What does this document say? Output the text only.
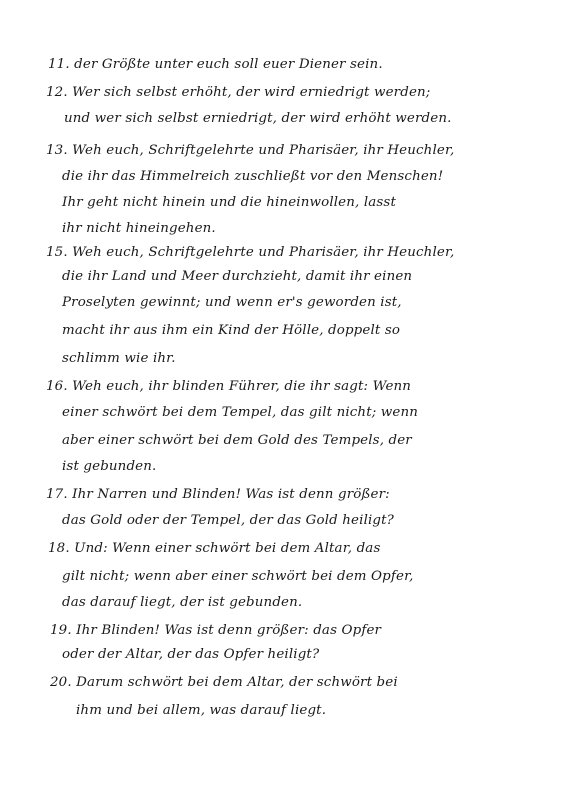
11. der Größte unter euch soll euer Diener sein.
12. Wer sich selbst erhöht, der wird erniedrigt werden;
und wer sich selbst erniedrigt, der wird erhöht werden.
13. Weh euch, Schriftgelehrte und Pharisäer, ihr Heuchler,
die ihr das Himmelreich zuschließt vor den Menschen!
Ihr geht nicht hinein und die hineinwollen, lasst
ihr nicht hineingehen.
15. Weh euch, Schriftgelehrte und Pharisäer, ihr Heuchler,
die ihr Land und Meer durchzieht, damit ihr einen
Proselyten gewinnt; und wenn er's geworden ist,
macht ihr aus ihm ein Kind der Hölle, doppelt so
schlimm wie ihr.
16. Weh euch, ihr blinden Führer, die ihr sagt: Wenn
einer schwört bei dem Tempel, das gilt nicht; wenn
aber einer schwört bei dem Gold des Tempels, der
ist gebunden.
17. Ihr Narren und Blinden! Was ist denn größer:
das Gold oder der Tempel, der das Gold heiligt?
18. Und: Wenn einer schwört bei dem Altar, das
gilt nicht; wenn aber einer schwört bei dem Opfer,
das darauf liegt, der ist gebunden.
19. Ihr Blinden! Was ist denn größer: das Opfer
oder der Altar, der das Opfer heiligt?
20. Darum schwört bei dem Altar, der schwört bei
ihm und bei allem, was darauf liegt.
